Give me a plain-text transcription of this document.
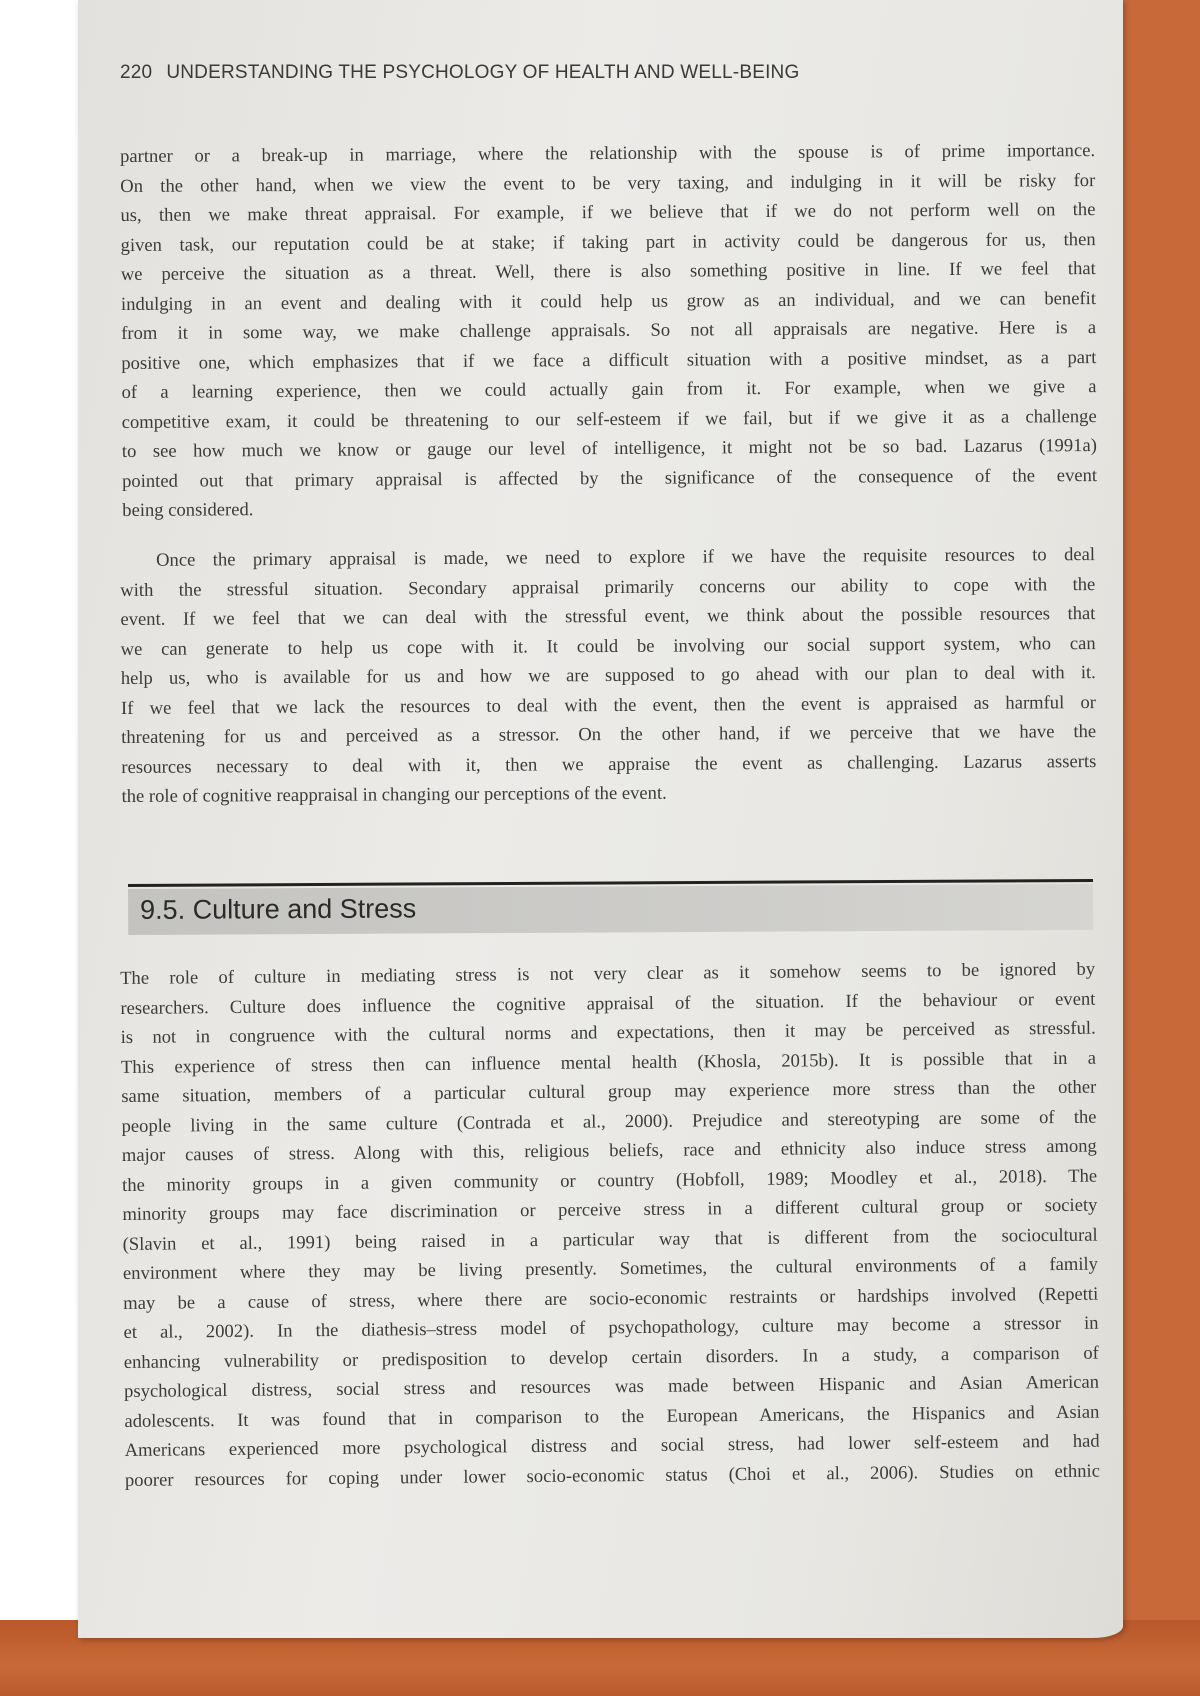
220 UNDERSTANDING THE PSYCHOLOGY OF HEALTH AND WELL-BEING
partner or a break-up in marriage, where the relationship with the spouse is of prime importance.
On the other hand, when we view the event to be very taxing, and indulging in it will be risky for
us, then we make threat appraisal. For example, if we believe that if we do not perform well on the
given task, our reputation could be at stake; if taking part in activity could be dangerous for us, then
we perceive the situation as a threat. Well, there is also something positive in line. If we feel that
indulging in an event and dealing with it could help us grow as an individual, and we can benefit
from it in some way, we make challenge appraisals. So not all appraisals are negative. Here is a
positive one, which emphasizes that if we face a difficult situation with a positive mindset, as a part
of a learning experience, then we could actually gain from it. For example, when we give a
competitive exam, it could be threatening to our self-esteem if we fail, but if we give it as a challenge
to see how much we know or gauge our level of intelligence, it might not be so bad. Lazarus (1991a)
pointed out that primary appraisal is affected by the significance of the consequence of the event
being considered.
Once the primary appraisal is made, we need to explore if we have the requisite resources to deal
with the stressful situation. Secondary appraisal primarily concerns our ability to cope with the
event. If we feel that we can deal with the stressful event, we think about the possible resources that
we can generate to help us cope with it. It could be involving our social support system, who can
help us, who is available for us and how we are supposed to go ahead with our plan to deal with it.
If we feel that we lack the resources to deal with the event, then the event is appraised as harmful or
threatening for us and perceived as a stressor. On the other hand, if we perceive that we have the
resources necessary to deal with it, then we appraise the event as challenging. Lazarus asserts
the role of cognitive reappraisal in changing our perceptions of the event.
9.5. Culture and Stress
The role of culture in mediating stress is not very clear as it somehow seems to be ignored by
researchers. Culture does influence the cognitive appraisal of the situation. If the behaviour or event
is not in congruence with the cultural norms and expectations, then it may be perceived as stressful.
This experience of stress then can influence mental health (Khosla, 2015b). It is possible that in a
same situation, members of a particular cultural group may experience more stress than the other
people living in the same culture (Contrada et al., 2000). Prejudice and stereotyping are some of the
major causes of stress. Along with this, religious beliefs, race and ethnicity also induce stress among
the minority groups in a given community or country (Hobfoll, 1989; Moodley et al., 2018). The
minority groups may face discrimination or perceive stress in a different cultural group or society
(Slavin et al., 1991) being raised in a particular way that is different from the sociocultural
environment where they may be living presently. Sometimes, the cultural environments of a family
may be a cause of stress, where there are socio-economic restraints or hardships involved (Repetti
et al., 2002). In the diathesis–stress model of psychopathology, culture may become a stressor in
enhancing vulnerability or predisposition to develop certain disorders. In a study, a comparison of
psychological distress, social stress and resources was made between Hispanic and Asian American
adolescents. It was found that in comparison to the European Americans, the Hispanics and Asian
Americans experienced more psychological distress and social stress, had lower self-esteem and had
poorer resources for coping under lower socio-economic status (Choi et al., 2006). Studies on ethnic
